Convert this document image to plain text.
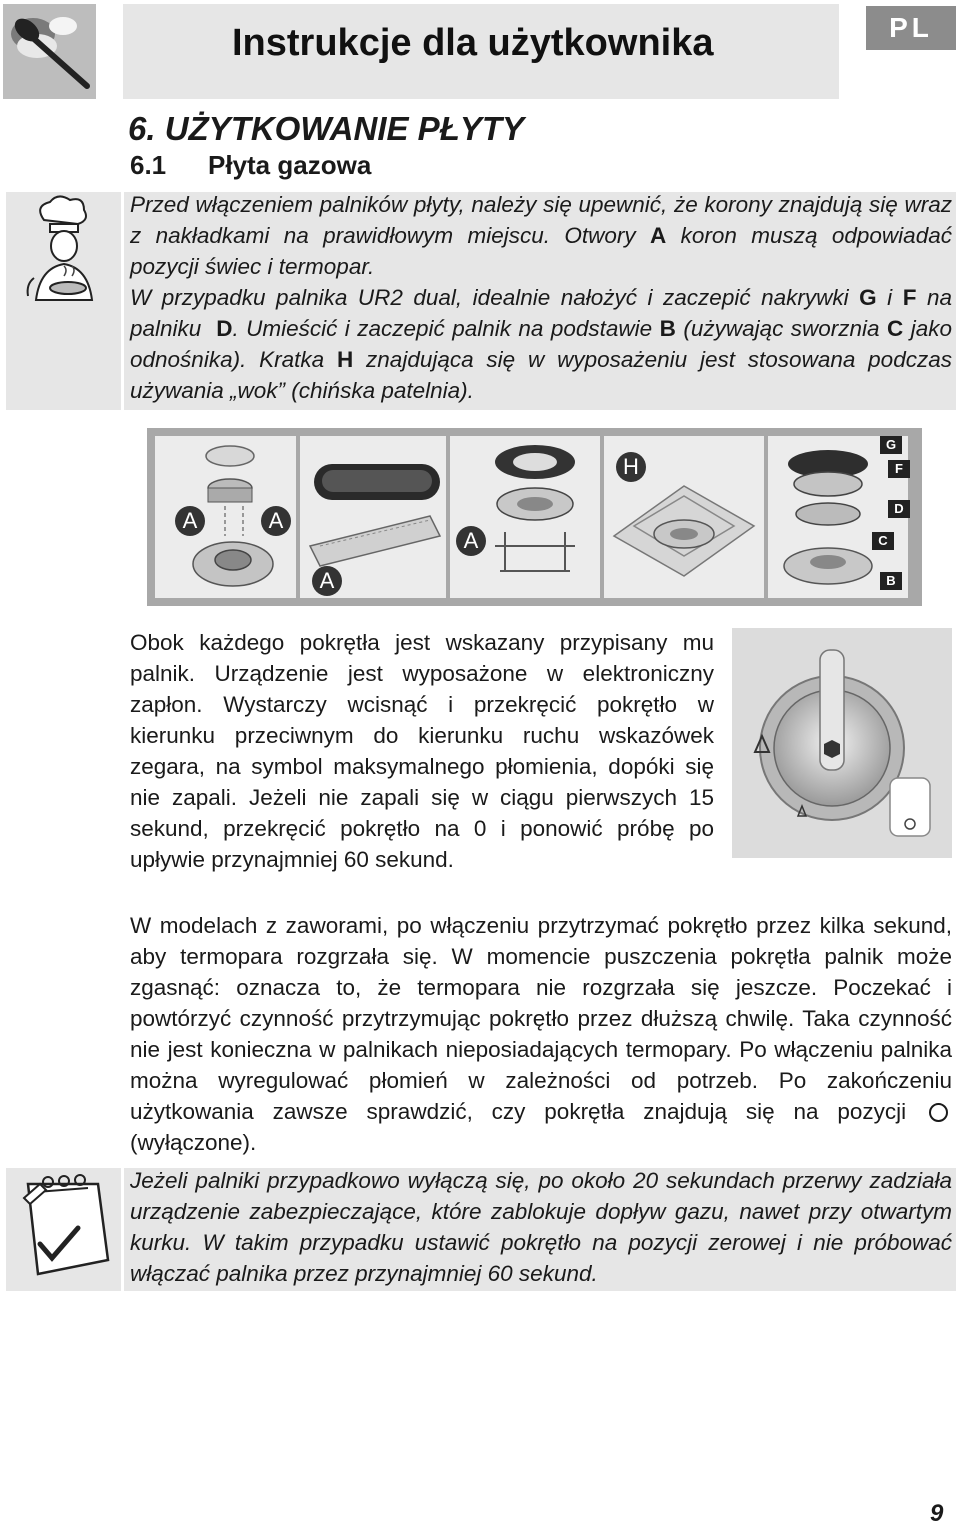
Instrukcje dla użytkownika	PL
6. UŻYTKOWANIE PŁYTY
6.1 Płyta gazowa
Przed włączeniem palników płyty, należy się upewnić, że korony znajdują się wraz z nakładkami na prawidłowym miejscu. Otwory A koron muszą odpowiadać pozycji świec i termopar.
W przypadku palnika UR2 dual, idealnie nałożyć i zaczepić nakrywki G i F na palniku D. Umieścić i zaczepić palnik na podstawie B (używając sworznia C jako odnośnika). Kratka H znajdująca się w wyposażeniu jest stosowana podczas używania „wok” (chińska patelnia).
A	A
A
A
H
G
F
D
C
B
Obok każdego pokrętła jest wskazany przypisany mu palnik. Urządzenie jest wyposażone w elektroniczny zapłon. Wystarczy wcisnąć i przekręcić pokrętło w kierunku przeciwnym do kierunku ruchu wskazówek zegara, na symbol maksymalnego płomienia, dopóki się nie zapali. Jeżeli nie zapali się w ciągu pierwszych 15 sekund, przekręcić pokrętło na 0 i ponowić próbę po upływie przynajmniej 60 sekund.
W modelach z zaworami, po włączeniu przytrzymać pokrętło przez kilka sekund, aby termopara rozgrzała się. W momencie puszczenia pokrętła palnik może zgasnąć: oznacza to, że termopara nie rozgrzała się jeszcze. Poczekać i powtórzyć czynność przytrzymując pokrętło przez dłuższą chwilę. Taka czynność nie jest konieczna w palnikach nieposiadających termopary. Po włączeniu palnika można wyregulować płomień w zależności od potrzeb. Po zakończeniu użytkowania zawsze sprawdzić, czy pokrętła znajdują się na pozycji  (wyłączone).
Jeżeli palniki przypadkowo wyłączą się, po około 20 sekundach przerwy zadziała urządzenie zabezpieczające, które zablokuje dopływ gazu, nawet przy otwartym kurku. W takim przypadku ustawić pokrętło na pozycji zerowej i nie próbować włączać palnika przez przynajmniej 60 sekund.
9
